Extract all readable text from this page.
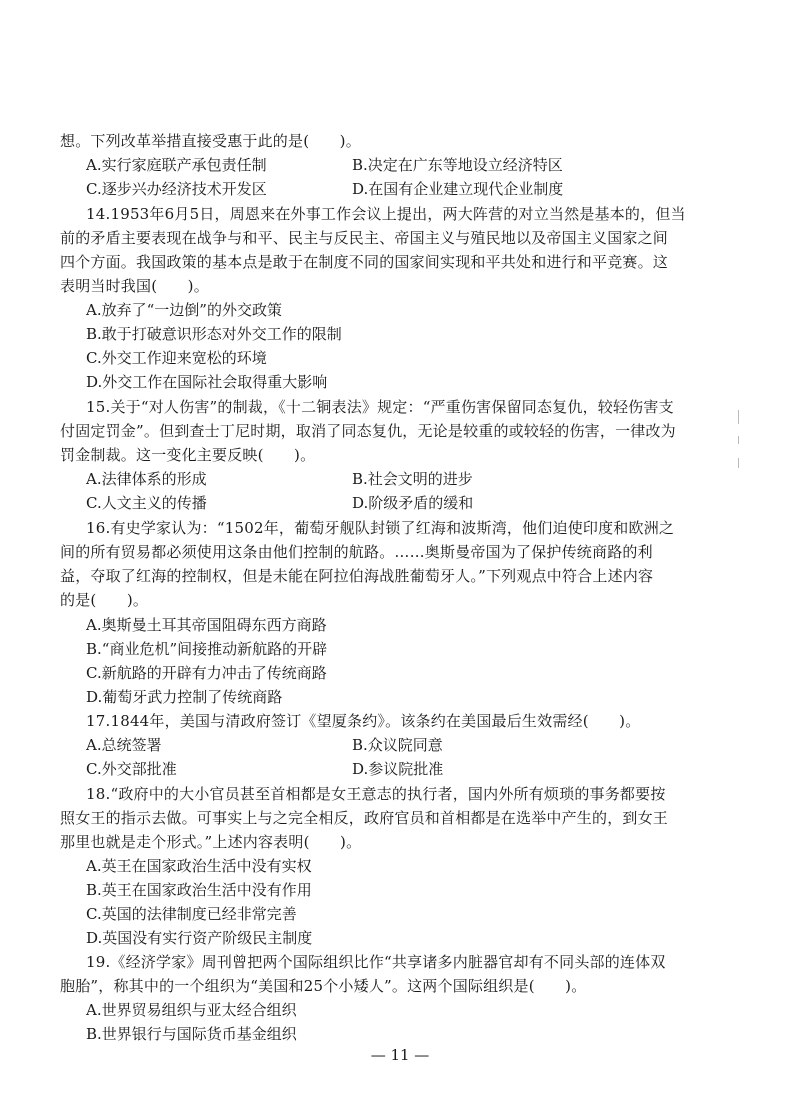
想。下列改革举措直接受惠于此的是(　　)。
A.实行家庭联产承包责任制	B.决定在广东等地设立经济特区
C.逐步兴办经济技术开发区	D.在国有企业建立现代企业制度
14.1953年6月5日，周恩来在外事工作会议上提出，两大阵营的对立当然是基本的，但当
前的矛盾主要表现在战争与和平、民主与反民主、帝国主义与殖民地以及帝国主义国家之间
四个方面。我国政策的基本点是敢于在制度不同的国家间实现和平共处和进行和平竞赛。这
表明当时我国(　　)。
A.放弃了“一边倒”的外交政策
B.敢于打破意识形态对外交工作的限制
C.外交工作迎来宽松的环境
D.外交工作在国际社会取得重大影响
15.关于“对人伤害”的制裁，《十二铜表法》规定：“严重伤害保留同态复仇，较轻伤害支
付固定罚金”。但到查士丁尼时期，取消了同态复仇，无论是较重的或较轻的伤害，一律改为
罚金制裁。这一变化主要反映(　　)。
A.法律体系的形成	B.社会文明的进步
C.人文主义的传播	D.阶级矛盾的缓和
16.有史学家认为：“1502年，葡萄牙舰队封锁了红海和波斯湾，他们迫使印度和欧洲之
间的所有贸易都必须使用这条由他们控制的航路。……奥斯曼帝国为了保护传统商路的利
益，夺取了红海的控制权，但是未能在阿拉伯海战胜葡萄牙人。”下列观点中符合上述内容
的是(　　)。
A.奥斯曼土耳其帝国阻碍东西方商路
B.“商业危机”间接推动新航路的开辟
C.新航路的开辟有力冲击了传统商路
D.葡萄牙武力控制了传统商路
17.1844年，美国与清政府签订《望厦条约》。该条约在美国最后生效需经(　　)。
A.总统签署	B.众议院同意
C.外交部批准	D.参议院批准
18.“政府中的大小官员甚至首相都是女王意志的执行者，国内外所有烦琐的事务都要按
照女王的指示去做。可事实上与之完全相反，政府官员和首相都是在选举中产生的，到女王
那里也就是走个形式。”上述内容表明(　　)。
A.英王在国家政治生活中没有实权
B.英王在国家政治生活中没有作用
C.英国的法律制度已经非常完善
D.英国没有实行资产阶级民主制度
19.《经济学家》周刊曾把两个国际组织比作“共享诸多内脏器官却有不同头部的连体双
胞胎”，称其中的一个组织为“美国和25个小矮人”。这两个国际组织是(　　)。
A.世界贸易组织与亚太经合组织
B.世界银行与国际货币基金组织
— 11 —
